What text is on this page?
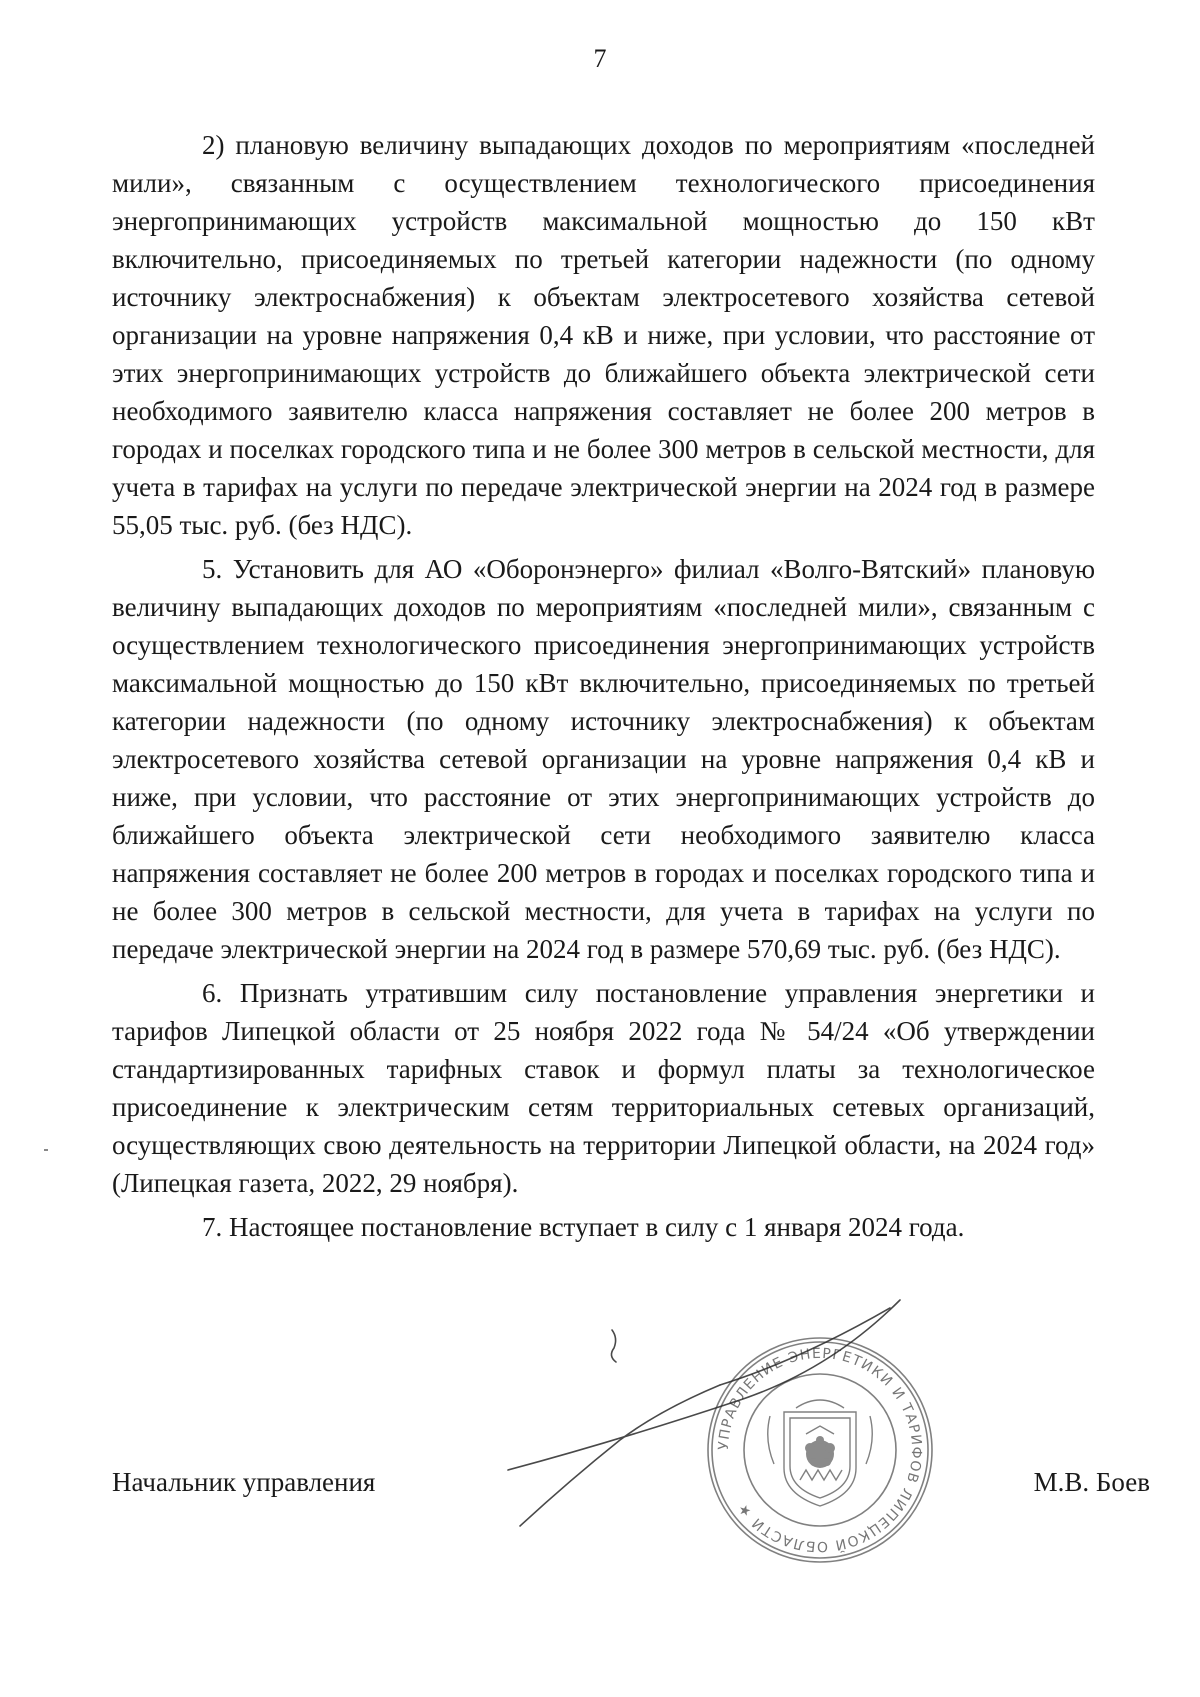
7

2) плановую величину выпадающих доходов по мероприятиям «последней мили», связанным с осуществлением технологического присоединения энергопринимающих устройств максимальной мощностью до 150 кВт включительно, присоединяемых по третьей категории надежности (по одному источнику электроснабжения) к объектам электросетевого хозяйства сетевой организации на уровне напряжения 0,4 кВ и ниже, при условии, что расстояние от этих энергопринимающих устройств до ближайшего объекта электрической сети необходимого заявителю класса напряжения составляет не более 200 метров в городах и поселках городского типа и не более 300 метров в сельской местности, для учета в тарифах на услуги по передаче электрической энергии на 2024 год в размере 55,05 тыс. руб. (без НДС).

5. Установить для АО «Оборонэнерго» филиал «Волго-Вятский» плановую величину выпадающих доходов по мероприятиям «последней мили», связанным с осуществлением технологического присоединения энергопринимающих устройств максимальной мощностью до 150 кВт включительно, присоединяемых по третьей категории надежности (по одному источнику электроснабжения) к объектам электросетевого хозяйства сетевой организации на уровне напряжения 0,4 кВ и ниже, при условии, что расстояние от этих энергопринимающих устройств до ближайшего объекта электрической сети необходимого заявителю класса напряжения составляет не более 200 метров в городах и поселках городского типа и не более 300 метров в сельской местности, для учета в тарифах на услуги по передаче электрической энергии на 2024 год в размере 570,69 тыс. руб. (без НДС).

6. Признать утратившим силу постановление управления энергетики и тарифов Липецкой области от 25 ноября 2022 года № 54/24 «Об утверждении стандартизированных тарифных ставок и формул платы за технологическое присоединение к электрическим сетям территориальных сетевых организаций, осуществляющих свою деятельность на территории Липецкой области, на 2024 год» (Липецкая газета, 2022, 29 ноября).

7. Настоящее постановление вступает в силу с 1 января 2024 года.

УПРАВЛЕНИЕ ЭНЕРГЕТИКИ И ТАРИФОВ ЛИПЕЦКОЙ ОБЛАСТИ ★
Начальник управления	М.В. Боев
